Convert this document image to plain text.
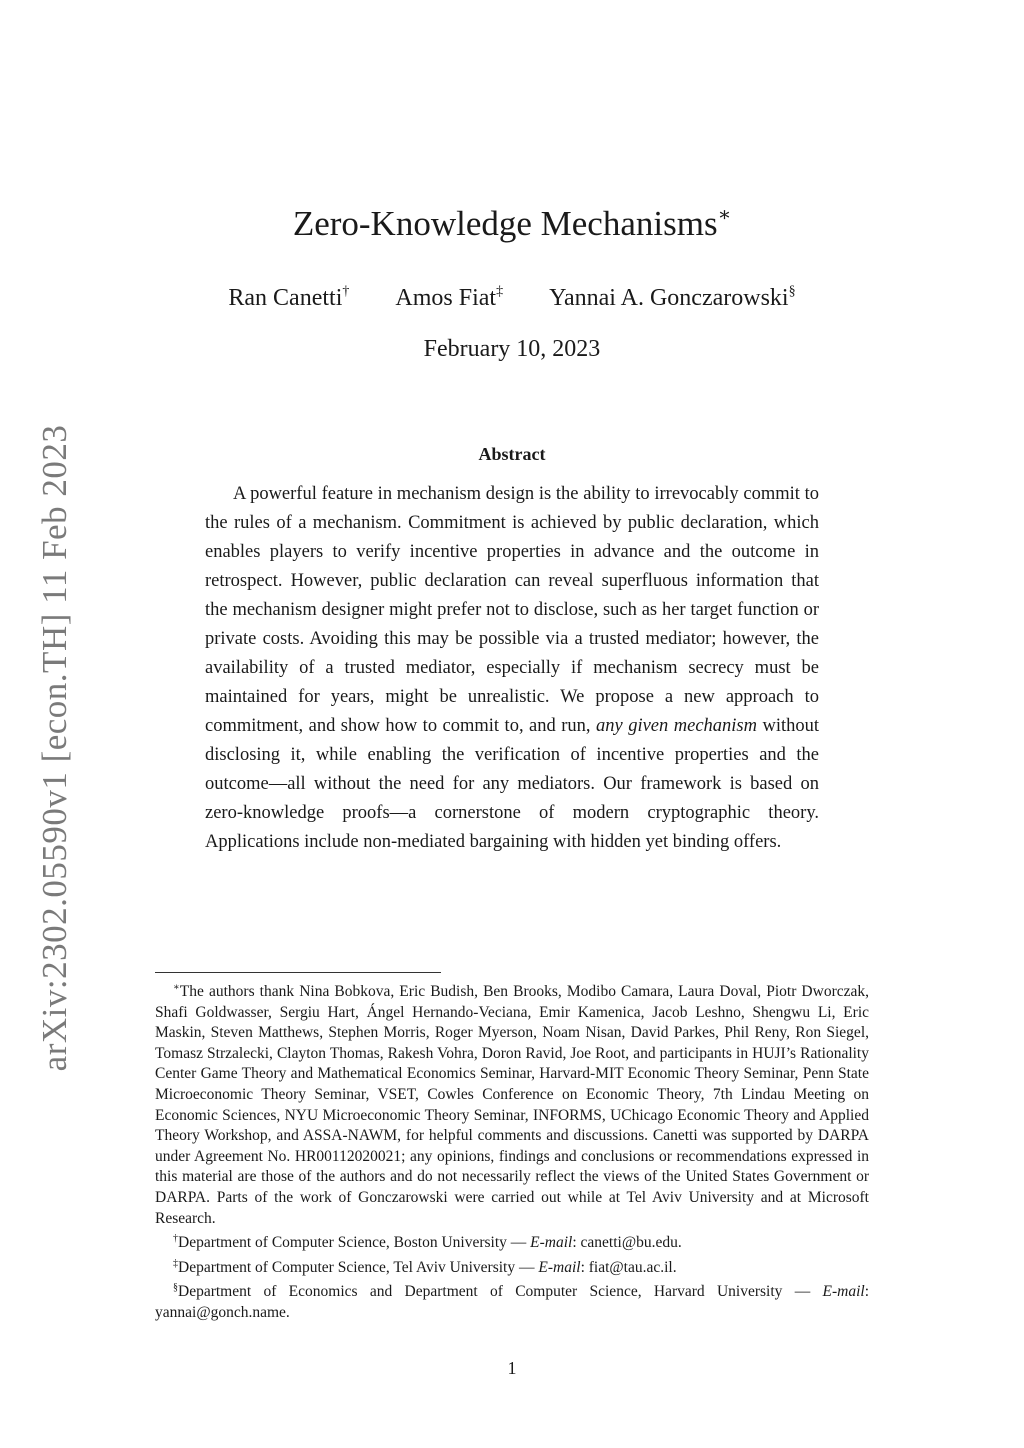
arXiv:2302.05590v1 [econ.TH] 11 Feb 2023
Zero-Knowledge Mechanisms∗
Ran Canetti† Amos Fiat‡ Yannai A. Gonczarowski§
February 10, 2023
Abstract

A powerful feature in mechanism design is the ability to irrevocably commit to the rules of a mechanism. Commitment is achieved by public declaration, which enables players to verify incentive properties in advance and the outcome in retrospect. However, public declaration can reveal superfluous information that the mechanism designer might prefer not to disclose, such as her target function or private costs. Avoiding this may be possible via a trusted mediator; however, the availability of a trusted mediator, especially if mechanism secrecy must be maintained for years, might be unrealistic. We propose a new approach to commitment, and show how to commit to, and run, any given mechanism without disclosing it, while enabling the verification of incentive properties and the outcome—all without the need for any mediators. Our framework is based on zero-knowledge proofs—a cornerstone of modern cryptographic theory. Applications include non-mediated bargaining with hidden yet binding offers.

∗The authors thank Nina Bobkova, Eric Budish, Ben Brooks, Modibo Camara, Laura Doval, Piotr Dworczak, Shafi Goldwasser, Sergiu Hart, Ángel Hernando-Veciana, Emir Kamenica, Jacob Leshno, Shengwu Li, Eric Maskin, Steven Matthews, Stephen Morris, Roger Myerson, Noam Nisan, David Parkes, Phil Reny, Ron Siegel, Tomasz Strzalecki, Clayton Thomas, Rakesh Vohra, Doron Ravid, Joe Root, and participants in HUJI’s Rationality Center Game Theory and Mathematical Economics Seminar, Harvard-MIT Economic Theory Seminar, Penn State Microeconomic Theory Seminar, VSET, Cowles Conference on Economic Theory, 7th Lindau Meeting on Economic Sciences, NYU Microeconomic Theory Seminar, INFORMS, UChicago Economic Theory and Applied Theory Workshop, and ASSA-NAWM, for helpful comments and discussions. Canetti was supported by DARPA under Agreement No. HR00112020021; any opinions, findings and conclusions or recommendations expressed in this material are those of the authors and do not necessarily reflect the views of the United States Government or DARPA. Parts of the work of Gonczarowski were carried out while at Tel Aviv University and at Microsoft Research.

†Department of Computer Science, Boston University — E-mail: canetti@bu.edu.

‡Department of Computer Science, Tel Aviv University — E-mail: fiat@tau.ac.il.

§Department of Economics and Department of Computer Science, Harvard University — E-mail: yannai@gonch.name.

1
